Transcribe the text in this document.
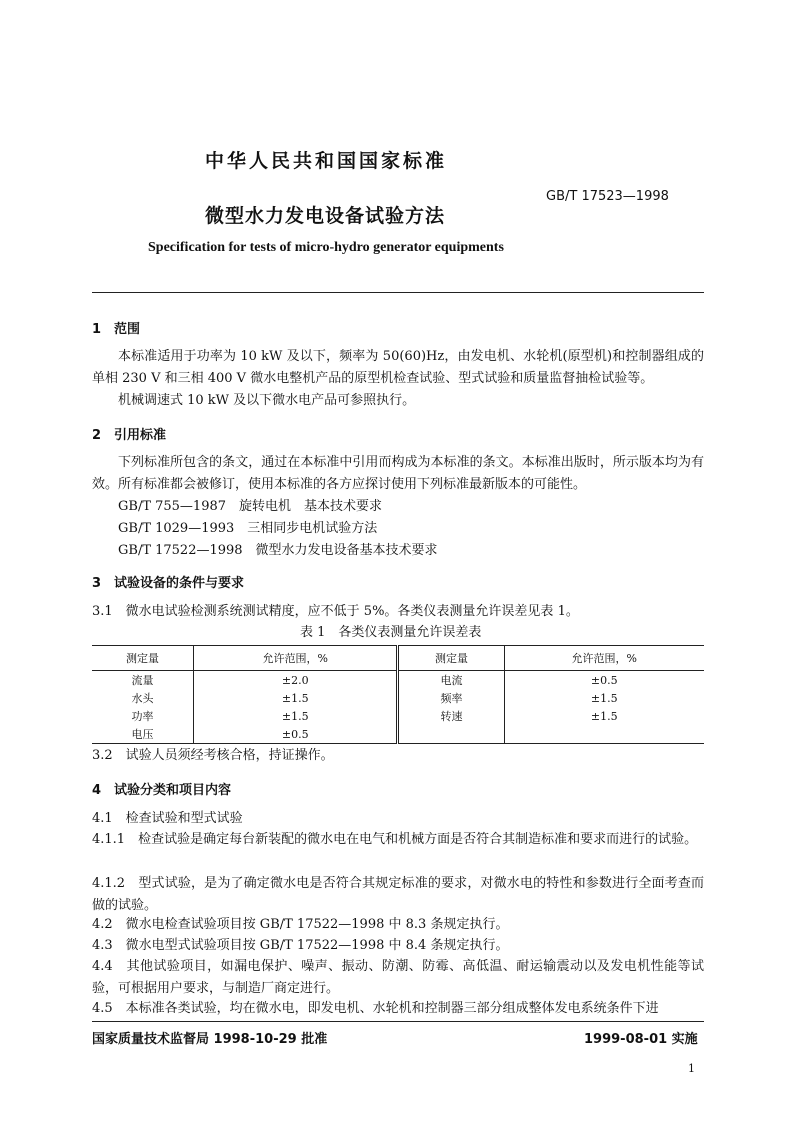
中华人民共和国国家标准
微型水力发电设备试验方法
GB/T 17523—1998
Specification for tests of micro-hydro generator equipments
1　范围
本标准适用于功率为 10 kW 及以下，频率为 50(60)Hz，由发电机、水轮机(原型机)和控制器组成的单相 230 V 和三相 400 V 微水电整机产品的原型机检查试验、型式试验和质量监督抽检试验等。
机械调速式 10 kW 及以下微水电产品可参照执行。
2　引用标准
下列标准所包含的条文，通过在本标准中引用而构成为本标准的条文。本标准出版时，所示版本均为有效。所有标准都会被修订，使用本标准的各方应探讨使用下列标准最新版本的可能性。
GB/T 755—1987　旋转电机　基本技术要求
GB/T 1029—1993　三相同步电机试验方法
GB/T 17522—1998　微型水力发电设备基本技术要求
3　试验设备的条件与要求
3.1　微水电试验检测系统测试精度，应不低于 5%。各类仪表测量允许误差见表 1。
表 1　各类仪表测量允许误差表
测定量	允许范围，%	测定量	允许范围，%
流量	±2.0	电流	±0.5
水头	±1.5	频率	±1.5
功率	±1.5	转速	±1.5
电压	±0.5		
3.2　试验人员须经考核合格，持证操作。
4　试验分类和项目内容
4.1　检查试验和型式试验
4.1.1　检查试验是确定每台新装配的微水电在电气和机械方面是否符合其制造标准和要求而进行的试验。
4.1.2　型式试验，是为了确定微水电是否符合其规定标准的要求，对微水电的特性和参数进行全面考查而做的试验。
4.2　微水电检查试验项目按 GB/T 17522—1998 中 8.3 条规定执行。
4.3　微水电型式试验项目按 GB/T 17522—1998 中 8.4 条规定执行。
4.4　其他试验项目，如漏电保护、噪声、振动、防潮、防霉、高低温、耐运输震动以及发电机性能等试验，可根据用户要求，与制造厂商定进行。
4.5　本标准各类试验，均在微水电，即发电机、水轮机和控制器三部分组成整体发电系统条件下进
国家质量技术监督局 1998-10-29 批准	1999-08-01 实施
1
